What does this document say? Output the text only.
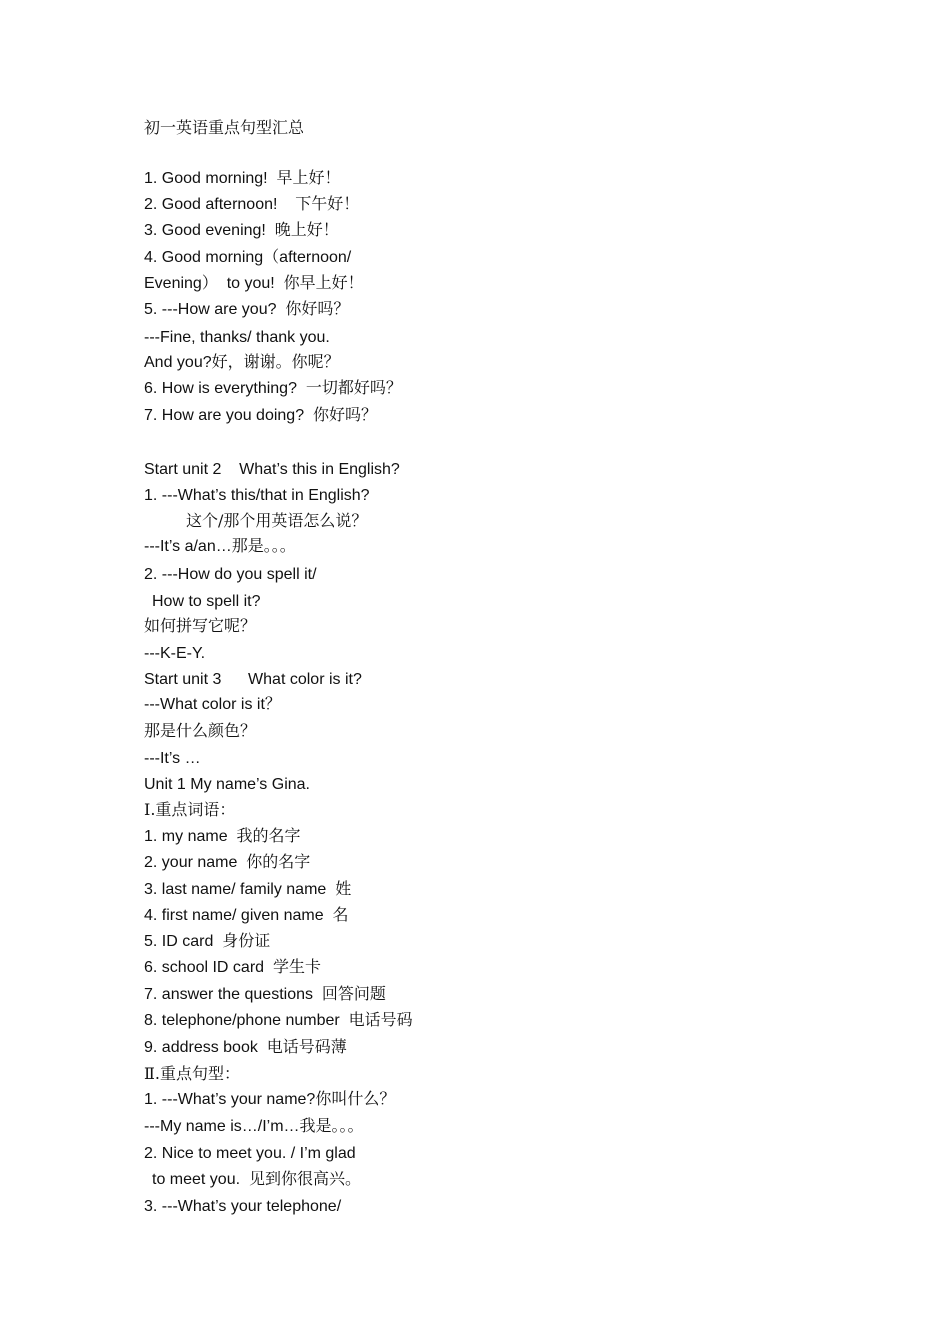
初一英语重点句型汇总
1. Good morning!  早上好！
2. Good afternoon!    下午好！
3. Good evening!  晚上好！
4. Good morning（afternoon/
Evening）  to you!  你早上好！
5. ---How are you?  你好吗？
---Fine, thanks/ thank you.
And you?好，谢谢。你呢？
6. How is everything?  一切都好吗？
7. How are you doing?  你好吗？
Start unit 2    What’s this in English?
1. ---What’s this/that in English?
这个/那个用英语怎么说？
---It’s a/an…那是。。。
2. ---How do you spell it/
How to spell it?
如何拼写它呢？
---K-E-Y.
Start unit 3      What color is it?
---What color is it？
那是什么颜色？
---It’s …
Unit 1 My name’s Gina.
Ⅰ.重点词语：
1. my name  我的名字
2. your name  你的名字
3. last name/ family name  姓
4. first name/ given name  名
5. ID card  身份证
6. school ID card  学生卡
7. answer the questions  回答问题
8. telephone/phone number  电话号码
9. address book  电话号码薄
Ⅱ.重点句型：
1. ---What’s your name?你叫什么？
---My name is…/I’m…我是。。。
2. Nice to meet you. / I’m glad
to meet you.  见到你很高兴。
3. ---What’s your telephone/
